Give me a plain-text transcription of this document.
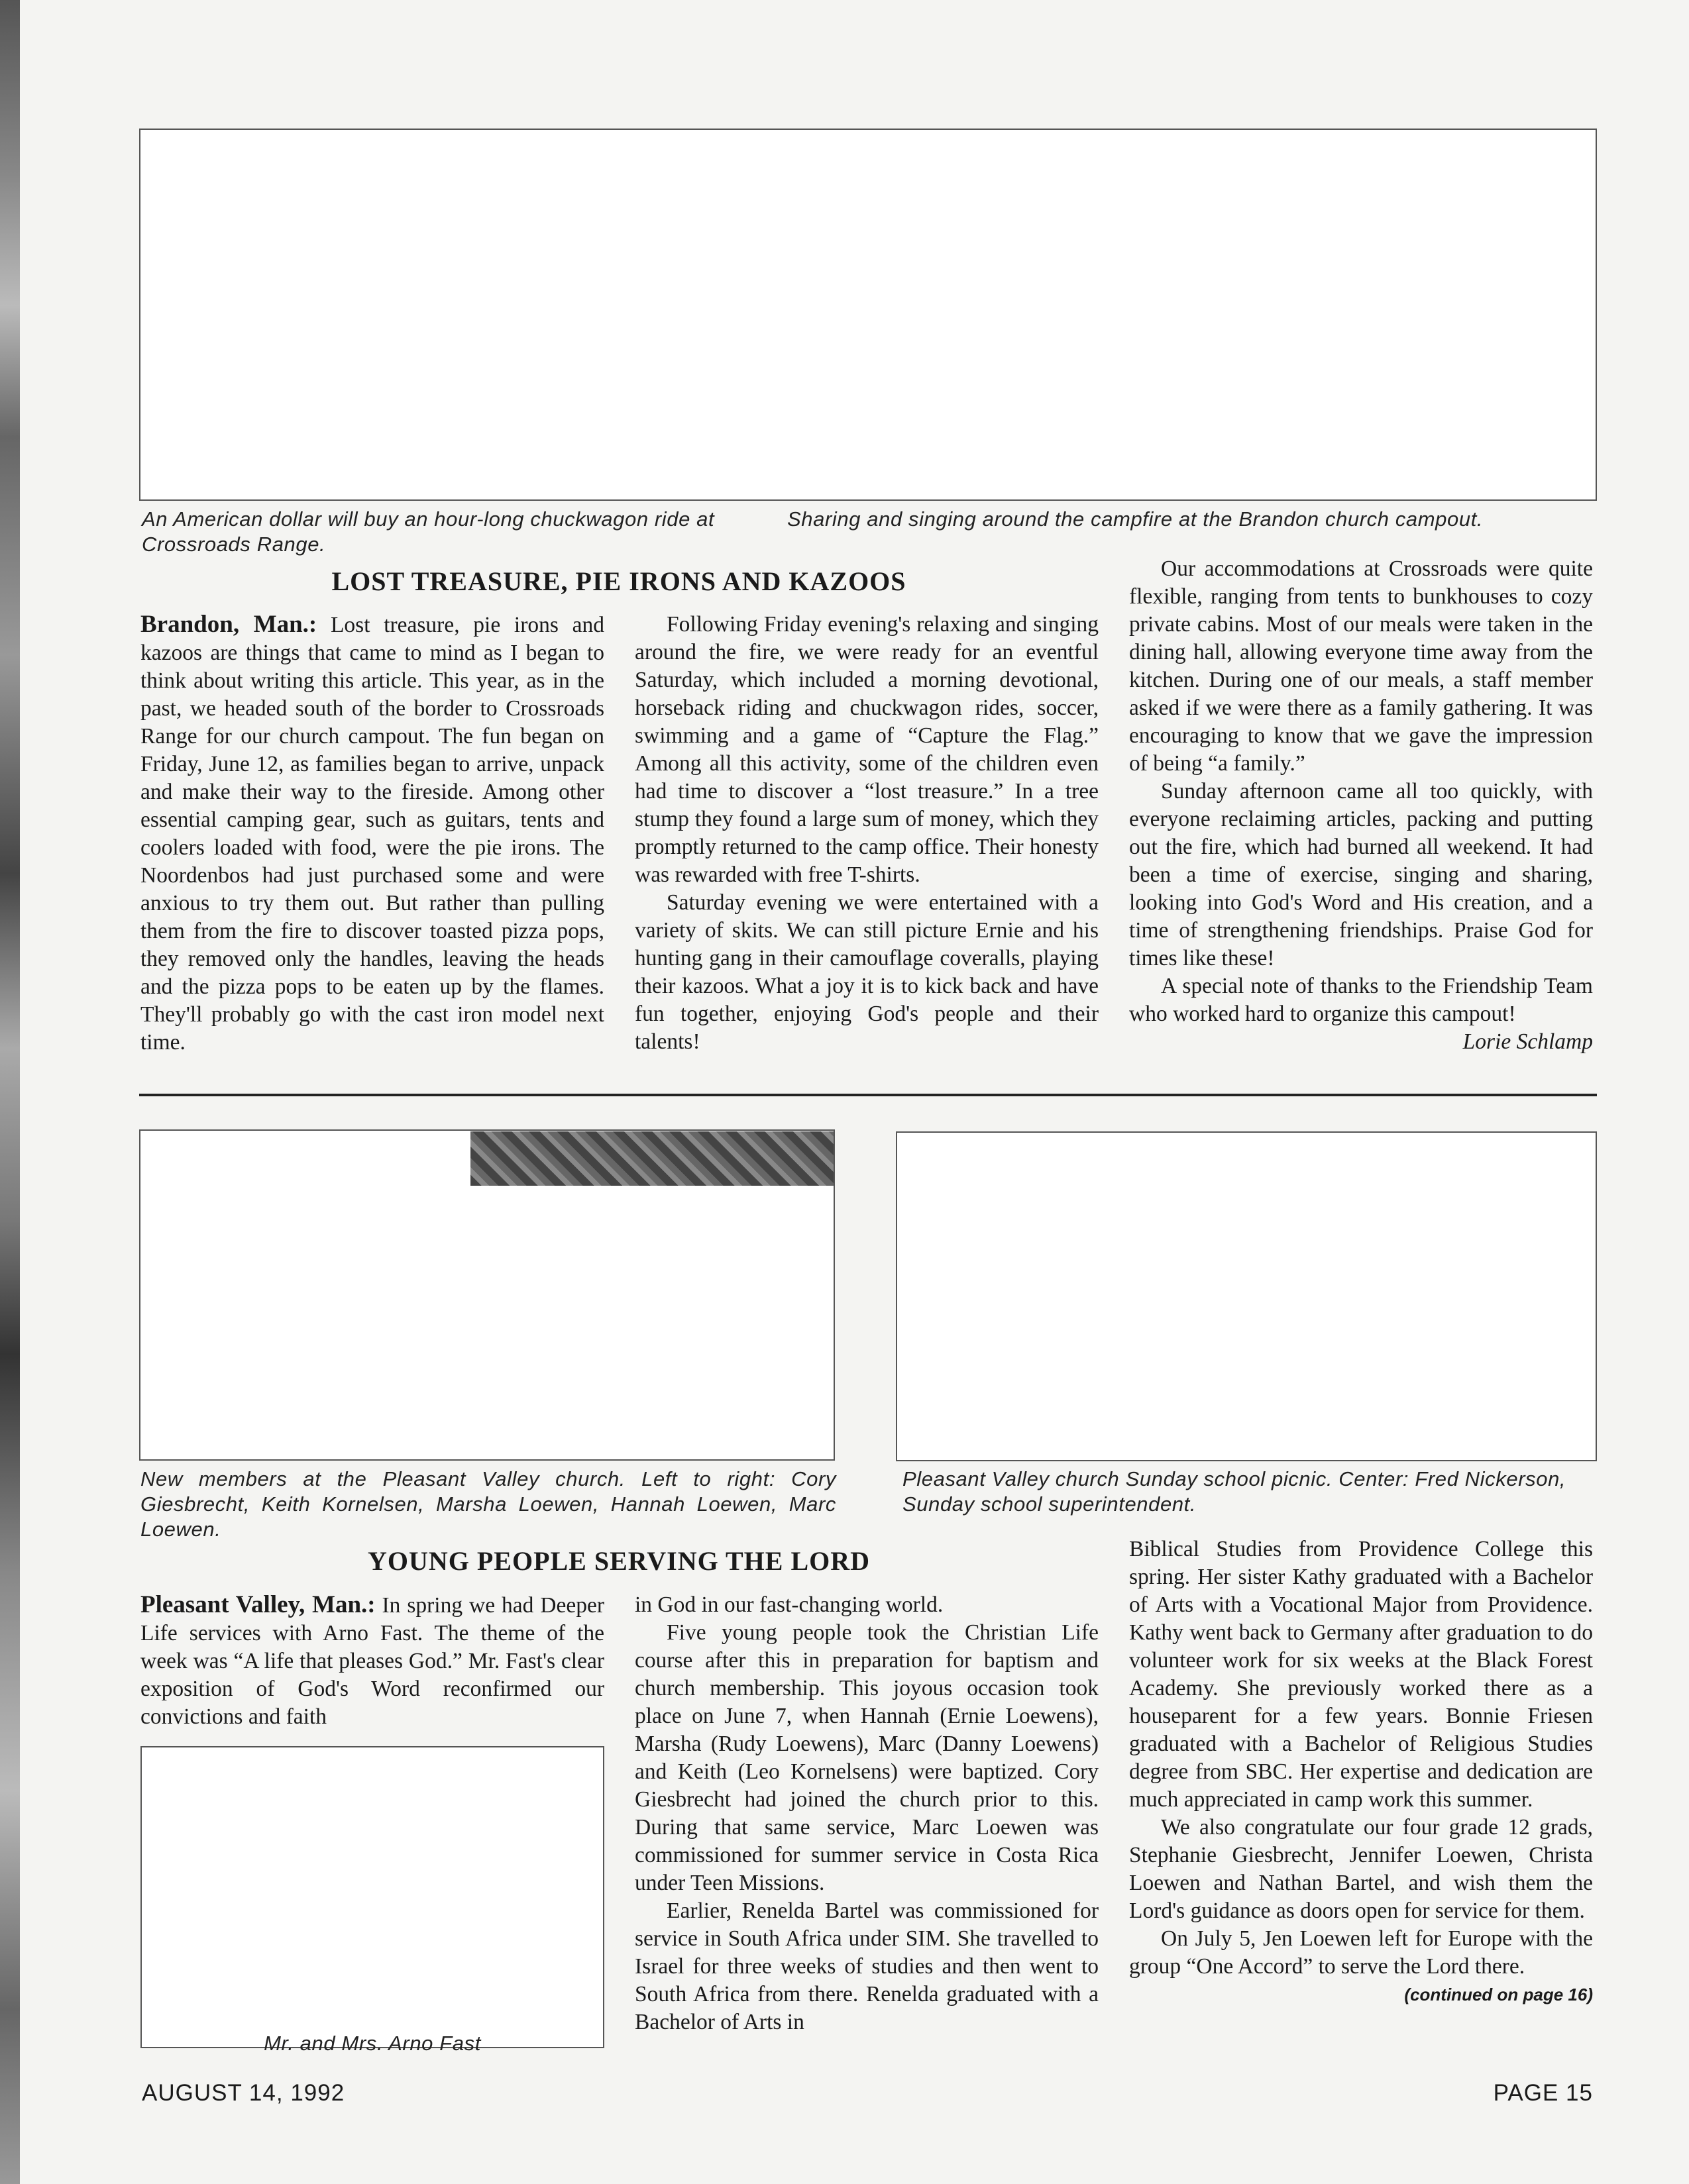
An American dollar will buy an hour-long chuckwagon ride at Crossroads Range.
Sharing and singing around the campfire at the Brandon church campout.
LOST TREASURE, PIE IRONS AND KAZOOS

Brandon, Man.: Lost treasure, pie irons and kazoos are things that came to mind as I began to think about writing this article. This year, as in the past, we headed south of the border to Crossroads Range for our church campout. The fun began on Friday, June 12, as families began to arrive, unpack and make their way to the fireside. Among other essential camping gear, such as guitars, tents and coolers loaded with food, were the pie irons. The Noordenbos had just purchased some and were anxious to try them out. But rather than pulling them from the fire to discover toasted pizza pops, they removed only the handles, leaving the heads and the pizza pops to be eaten up by the flames. They'll probably go with the cast iron model next time.

Following Friday evening's relaxing and singing around the fire, we were ready for an eventful Saturday, which included a morning devotional, horseback riding and chuckwagon rides, soccer, swimming and a game of “Capture the Flag.” Among all this activity, some of the children even had time to discover a “lost treasure.” In a tree stump they found a large sum of money, which they promptly returned to the camp office. Their honesty was rewarded with free T-shirts.

Saturday evening we were entertained with a variety of skits. We can still picture Ernie and his hunting gang in their camouflage coveralls, playing their kazoos. What a joy it is to kick back and have fun together, enjoying God's people and their talents!

Our accommodations at Crossroads were quite flexible, ranging from tents to bunkhouses to cozy private cabins. Most of our meals were taken in the dining hall, allowing everyone time away from the kitchen. During one of our meals, a staff member asked if we were there as a family gathering. It was encouraging to know that we gave the impression of being “a family.”

Sunday afternoon came all too quickly, with everyone reclaiming articles, packing and putting out the fire, which had burned all weekend. It had been a time of exercise, singing and sharing, looking into God's Word and His creation, and a time of strengthening friendships. Praise God for times like these!

A special note of thanks to the Friendship Team who worked hard to organize this campout!
Lorie Schlamp

New members at the Pleasant Valley church. Left to right: Cory Giesbrecht, Keith Kornelsen, Marsha Loewen, Hannah Loewen, Marc Loewen.
Pleasant Valley church Sunday school picnic. Center: Fred Nickerson, Sunday school superintendent.
YOUNG PEOPLE SERVING THE LORD

Pleasant Valley, Man.: In spring we had Deeper Life services with Arno Fast. The theme of the week was “A life that pleases God.” Mr. Fast's clear exposition of God's Word reconfirmed our convictions and faith

Mr. and Mrs. Arno Fast

in God in our fast-changing world.

Five young people took the Christian Life course after this in preparation for baptism and church membership. This joyous occasion took place on June 7, when Hannah (Ernie Loewens), Marsha (Rudy Loewens), Marc (Danny Loewens) and Keith (Leo Kornelsens) were baptized. Cory Giesbrecht had joined the church prior to this. During that same service, Marc Loewen was commissioned for summer service in Costa Rica under Teen Missions.

Earlier, Renelda Bartel was commissioned for service in South Africa under SIM. She travelled to Israel for three weeks of studies and then went to South Africa from there. Renelda graduated with a Bachelor of Arts in

Biblical Studies from Providence College this spring. Her sister Kathy graduated with a Bachelor of Arts with a Vocational Major from Providence. Kathy went back to Germany after graduation to do volunteer work for six weeks at the Black Forest Academy. She previously worked there as a houseparent for a few years. Bonnie Friesen graduated with a Bachelor of Religious Studies degree from SBC. Her expertise and dedication are much appreciated in camp work this summer.

We also congratulate our four grade 12 grads, Stephanie Giesbrecht, Jennifer Loewen, Christa Loewen and Nathan Bartel, and wish them the Lord's guidance as doors open for service for them.

On July 5, Jen Loewen left for Europe with the group “One Accord” to serve the Lord there.
(continued on page 16)

AUGUST 14, 1992	PAGE 15
